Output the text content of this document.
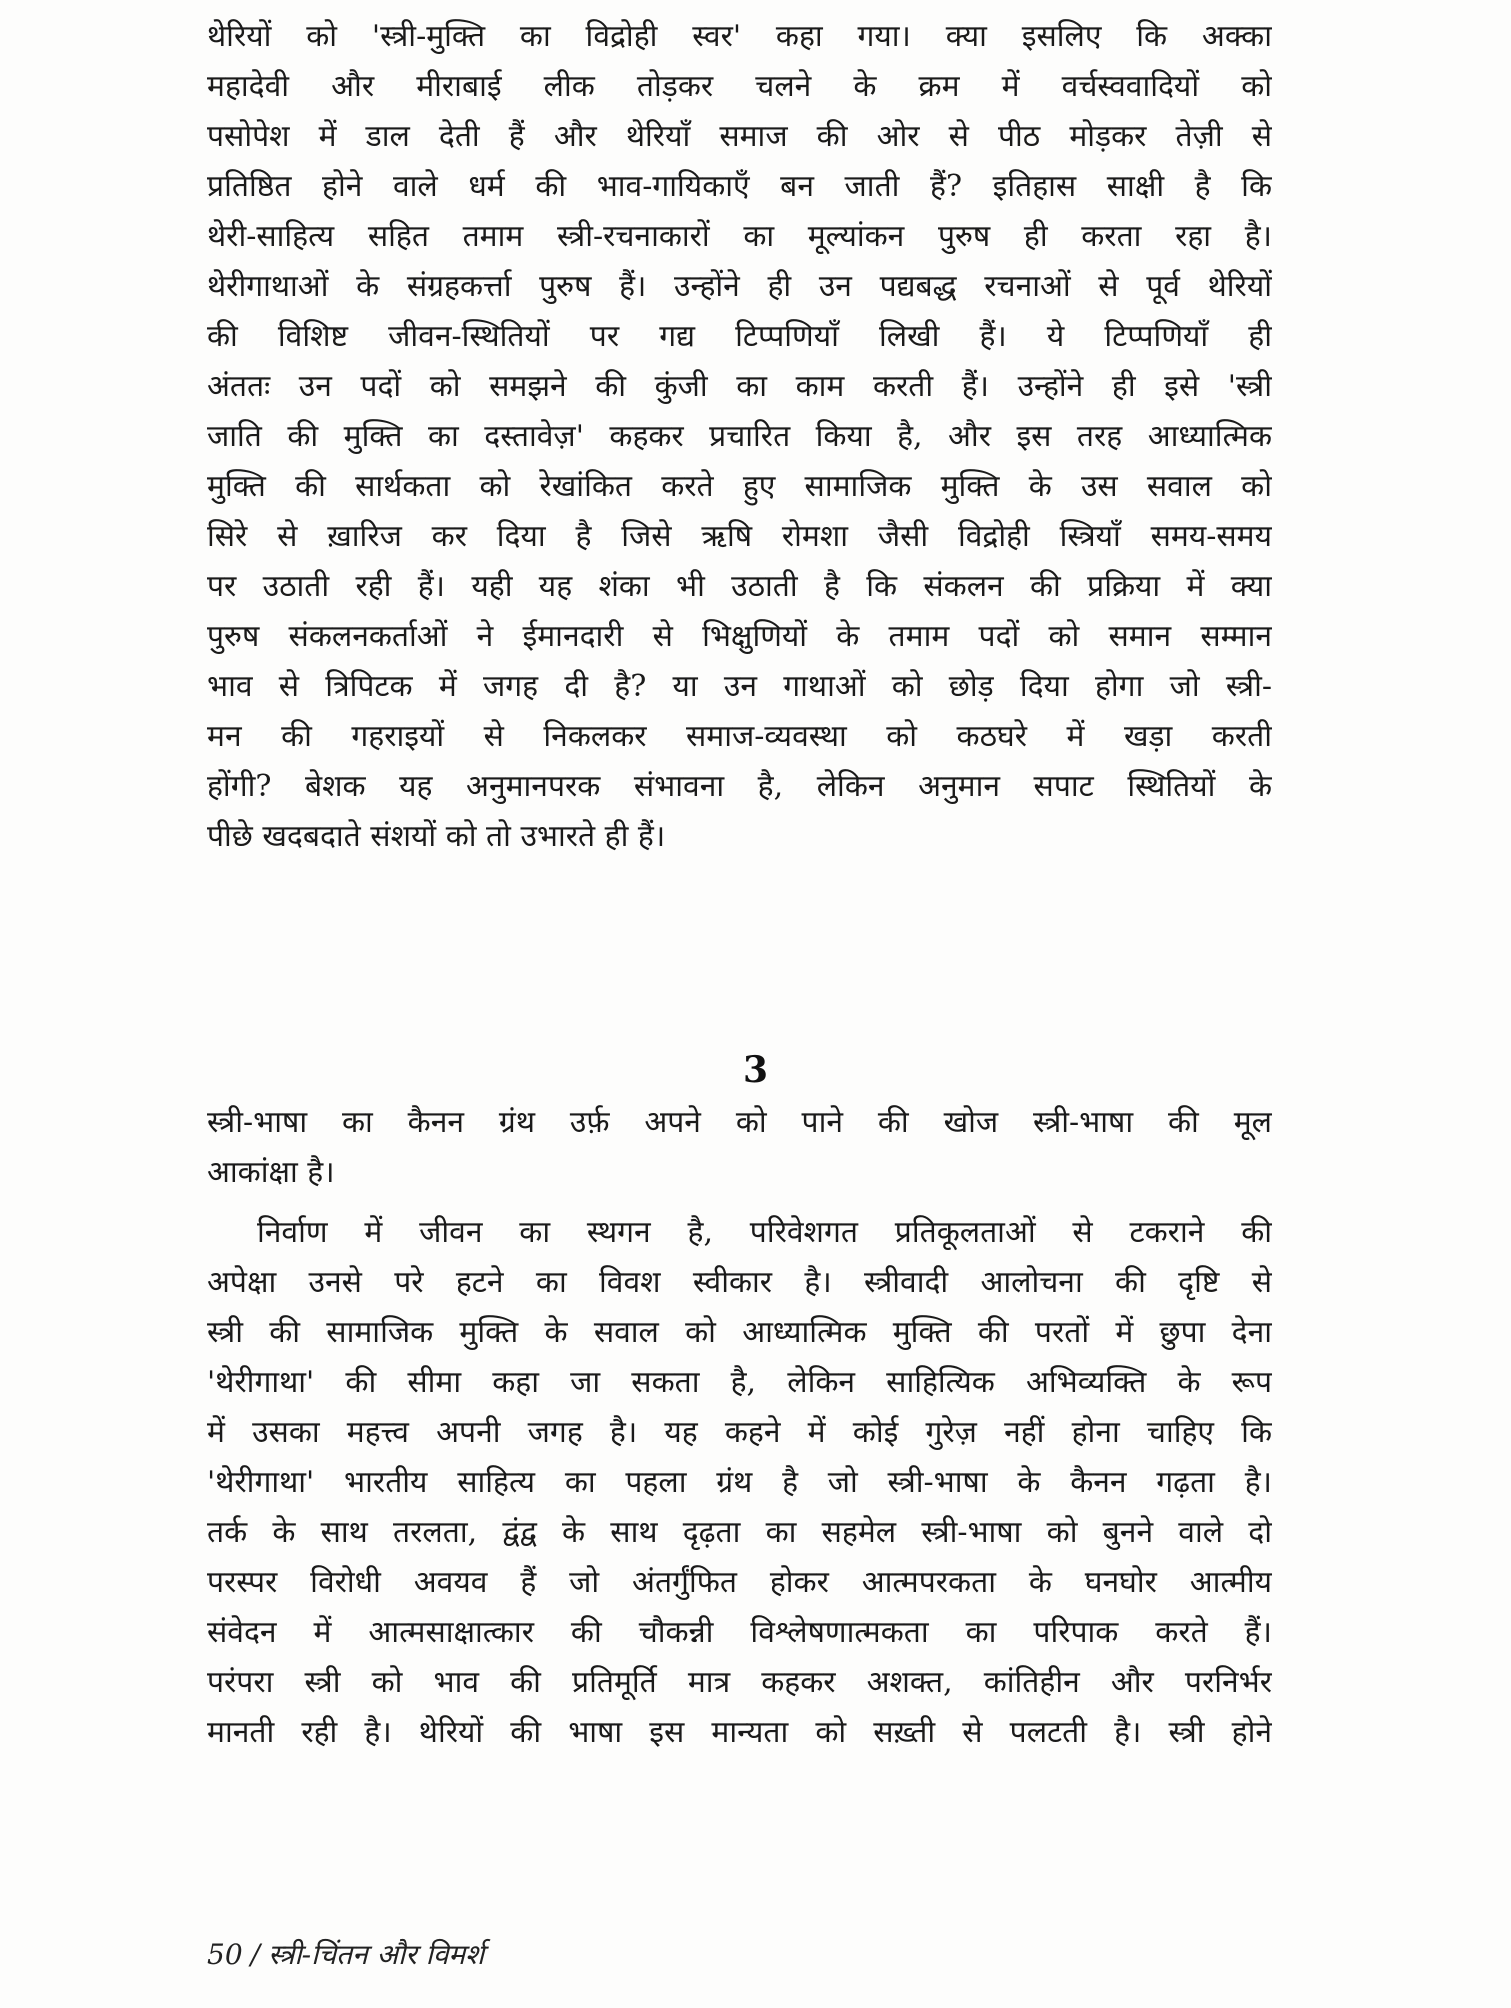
थेरियों को 'स्त्री-मुक्ति का विद्रोही स्वर' कहा गया। क्या इसलिए कि अक्का
महादेवी और मीराबाई लीक तोड़कर चलने के क्रम में वर्चस्ववादियों को
पसोपेश में डाल देती हैं और थेरियाँ समाज की ओर से पीठ मोड़कर तेज़ी से
प्रतिष्ठित होने वाले धर्म की भाव-गायिकाएँ बन जाती हैं? इतिहास साक्षी है कि
थेरी-साहित्य सहित तमाम स्त्री-रचनाकारों का मूल्यांकन पुरुष ही करता रहा है।
थेरीगाथाओं के संग्रहकर्त्ता पुरुष हैं। उन्होंने ही उन पद्यबद्ध रचनाओं से पूर्व थेरियों
की विशिष्ट जीवन-स्थितियों पर गद्य टिप्पणियाँ लिखी हैं। ये टिप्पणियाँ ही
अंततः उन पदों को समझने की कुंजी का काम करती हैं। उन्होंने ही इसे 'स्त्री
जाति की मुक्ति का दस्तावेज़' कहकर प्रचारित किया है, और इस तरह आध्यात्मिक
मुक्ति की सार्थकता को रेखांकित करते हुए सामाजिक मुक्ति के उस सवाल को
सिरे से ख़ारिज कर दिया है जिसे ऋषि रोमशा जैसी विद्रोही स्त्रियाँ समय-समय
पर उठाती रही हैं। यही यह शंका भी उठाती है कि संकलन की प्रक्रिया में क्या
पुरुष संकलनकर्ताओं ने ईमानदारी से भिक्षुणियों के तमाम पदों को समान सम्मान
भाव से त्रिपिटक में जगह दी है? या उन गाथाओं को छोड़ दिया होगा जो स्त्री-
मन की गहराइयों से निकलकर समाज-व्यवस्था को कठघरे में खड़ा करती
होंगी? बेशक यह अनुमानपरक संभावना है, लेकिन अनुमान सपाट स्थितियों के
पीछे खदबदाते संशयों को तो उभारते ही हैं।
3
स्त्री-भाषा का कैनन ग्रंथ उर्फ़ अपने को पाने की खोज स्त्री-भाषा की मूल
आकांक्षा है।
निर्वाण में जीवन का स्थगन है, परिवेशगत प्रतिकूलताओं से टकराने की
अपेक्षा उनसे परे हटने का विवश स्वीकार है। स्त्रीवादी आलोचना की दृष्टि से
स्त्री की सामाजिक मुक्ति के सवाल को आध्यात्मिक मुक्ति की परतों में छुपा देना
'थेरीगाथा' की सीमा कहा जा सकता है, लेकिन साहित्यिक अभिव्यक्ति के रूप
में उसका महत्त्व अपनी जगह है। यह कहने में कोई गुरेज़ नहीं होना चाहिए कि
'थेरीगाथा' भारतीय साहित्य का पहला ग्रंथ है जो स्त्री-भाषा के कैनन गढ़ता है।
तर्क के साथ तरलता, द्वंद्व के साथ दृढ़ता का सहमेल स्त्री-भाषा को बुनने वाले दो
परस्पर विरोधी अवयव हैं जो अंतर्गुंफित होकर आत्मपरकता के घनघोर आत्मीय
संवेदन में आत्मसाक्षात्कार की चौकन्नी विश्लेषणात्मकता का परिपाक करते हैं।
परंपरा स्त्री को भाव की प्रतिमूर्ति मात्र कहकर अशक्त, कांतिहीन और परनिर्भर
मानती रही है। थेरियों की भाषा इस मान्यता को सख़्ती से पलटती है। स्त्री होने
50 / स्त्री-चिंतन और विमर्श
